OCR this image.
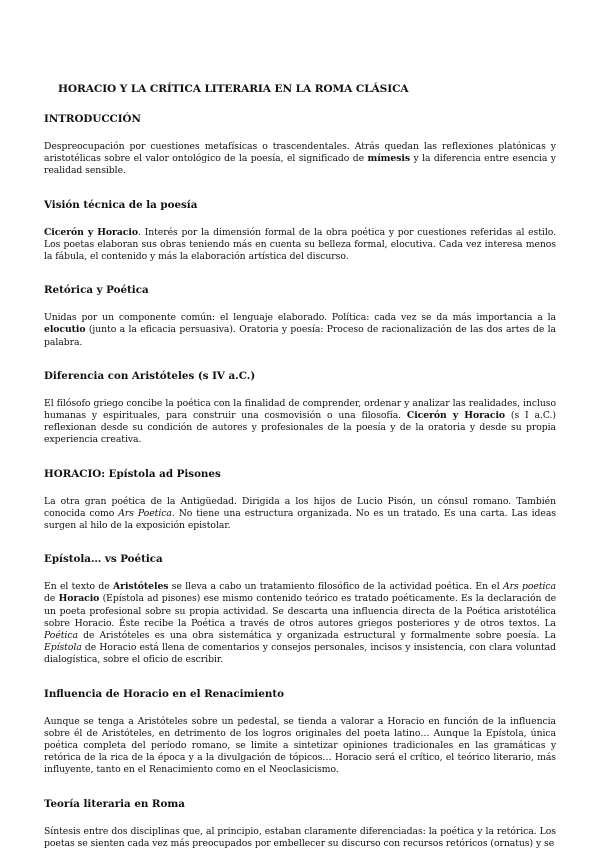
HORACIO Y LA CRÍTICA LITERARIA EN LA ROMA CLÁSICA
INTRODUCCIÓN

Despreocupación por cuestiones metafísicas o trascendentales. Atrás quedan las reflexiones platónicas y aristotélicas sobre el valor ontológico de la poesía, el significado de mímesis y la diferencia entre esencia y realidad sensible.

Visión técnica de la poesía

Cicerón y Horacio. Interés por la dimensión formal de la obra poética y por cuestiones referidas al estilo. Los poetas elaboran sus obras teniendo más en cuenta su belleza formal, elocutiva. Cada vez interesa menos la fábula, el contenido y más la elaboración artística del discurso.

Retórica y Poética

Unidas por un componente común: el lenguaje elaborado. Política: cada vez se da más importancia a la elocutio (junto a la eficacia persuasiva). Oratoria y poesía: Proceso de racionalización de las dos artes de la palabra.

Diferencia con Aristóteles (s IV a.C.)

El filósofo griego concibe la poética con la finalidad de comprender, ordenar y analizar las realidades, incluso humanas y espirituales, para construir una cosmovisión o una filosofía. Cicerón y Horacio (s I a.C.) reflexionan desde su condición de autores y profesionales de la poesía y de la oratoria y desde su propia experiencia creativa.

HORACIO: Epístola ad Pisones

La otra gran poética de la Antigüedad. Dirigida a los hijos de Lucio Pisón, un cónsul romano. También conocida como Ars Poetica. No tiene una estructura organizada. No es un tratado. Es una carta. Las ideas surgen al hilo de la exposición epistolar.

Epístola… vs Poética

En el texto de Aristóteles se lleva a cabo un tratamiento filosófico de la actividad poética. En el Ars poetica de Horacio (Epístola ad pisones) ese mismo contenido teórico es tratado poéticamente. Es la declaración de un poeta profesional sobre su propia actividad. Se descarta una influencia directa de la Poética aristotélica sobre Horacio. Éste recibe la Poética a través de otros autores griegos posteriores y de otros textos. La Poética de Aristóteles es una obra sistemática y organizada estructural y formalmente sobre poesía. La Epístola de Horacio está llena de comentarios y consejos personales, incisos y insistencia, con clara voluntad dialogística, sobre el oficio de escribir.

Influencia de Horacio en el Renacimiento

Aunque se tenga a Aristóteles sobre un pedestal, se tienda a valorar a Horacio en función de la influencia sobre él de Aristóteles, en detrimento de los logros originales del poeta latino… Aunque la Epístola, única poética completa del período romano, se limite a sintetizar opiniones tradicionales en las gramáticas y retórica de la rica de la época y a la divulgación de tópicos… Horacio será el crítico, el teórico literario, más influyente, tanto en el Renacimiento como en el Neoclasicismo.

Teoría literaria en Roma

Síntesis entre dos disciplinas que, al principio, estaban claramente diferenciadas: la poética y la retórica. Los poetas se sienten cada vez más preocupados por embellecer su discurso con recursos retóricos (ornatus) y se
